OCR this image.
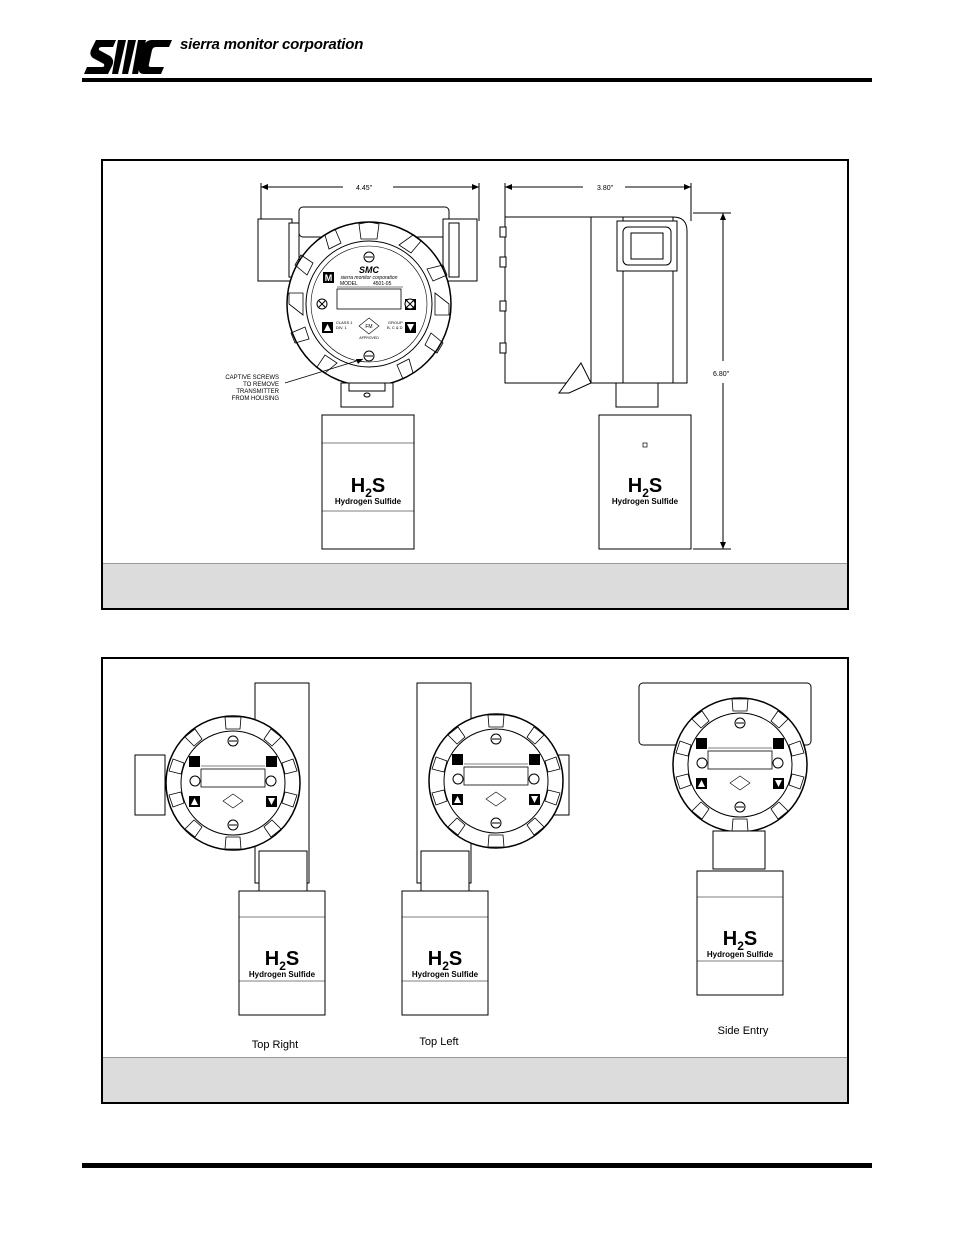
sierra monitor corporation
4.45"	3.80"
6.80"
SMC
sierra monitor corporation
M
MODEL	4501-05
CLASS 1
DIV. 1
GROUP
B, C & D
FM
APPROVED
$H_2S$
Hydrogen Sulfide
CAPTIVE SCREWS
TO REMOVE
TRANSMITTER
FROM HOUSING
$H_2S$
Hydrogen Sulfide
$H_2S$
Hydrogen Sulfide
Top Right
$H_2S$
Hydrogen Sulfide
Top Left
$H_2S$
Hydrogen Sulfide
Side Entry
